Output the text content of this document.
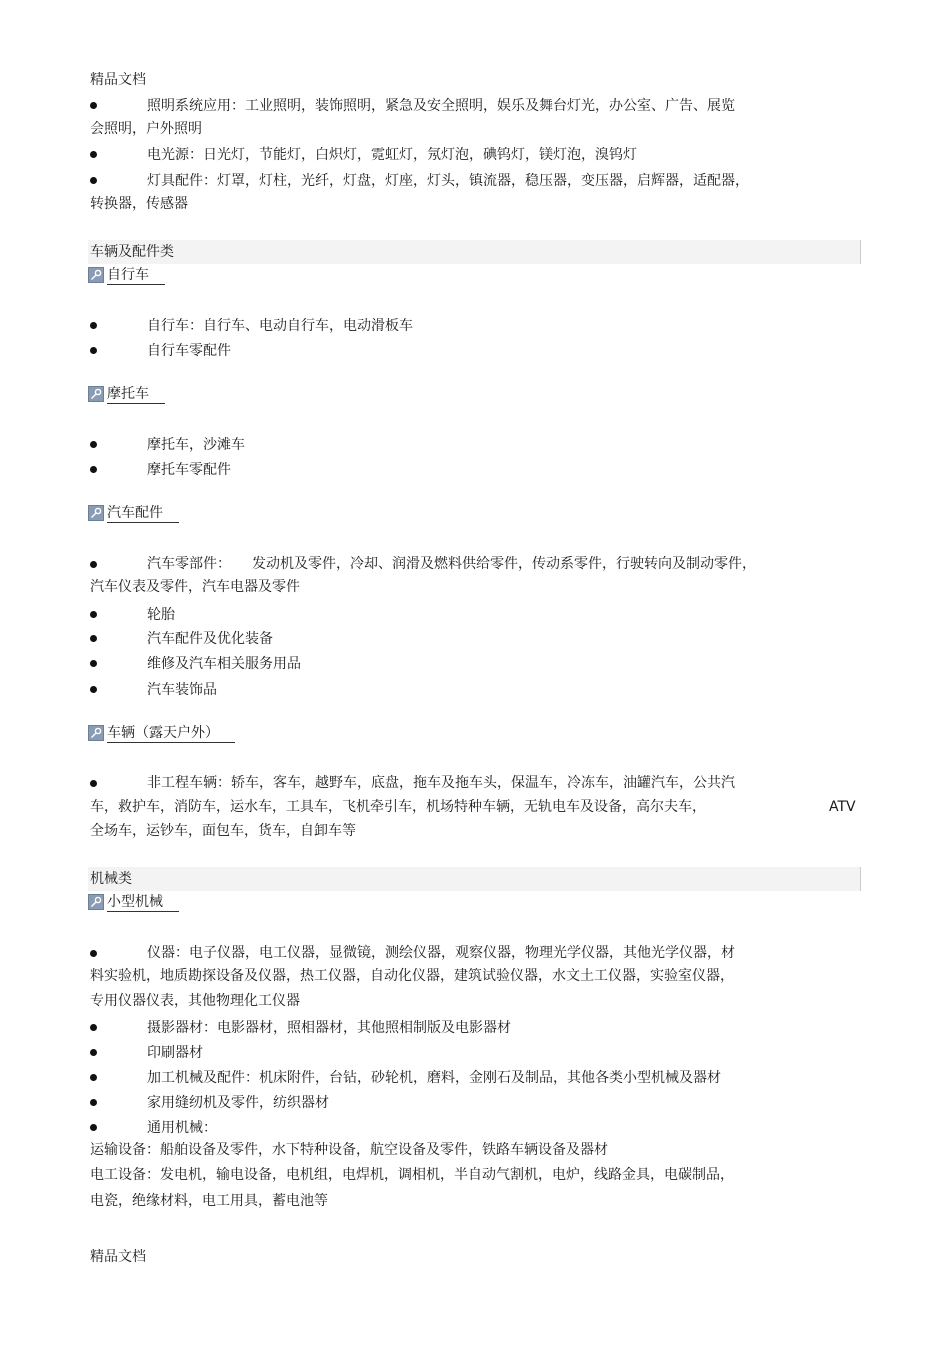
精品文档
照明系统应用：工业照明，装饰照明，紧急及安全照明，娱乐及舞台灯光，办公室、广告、展览
会照明，户外照明
电光源：日光灯，节能灯，白炽灯，霓虹灯，氖灯泡，碘钨灯，镁灯泡，溴钨灯
灯具配件：灯罩，灯柱，光纤，灯盘，灯座，灯头，镇流器，稳压器，变压器，启辉器，适配器，
转换器，传感器
车辆及配件类
自行车
自行车：自行车、电动自行车，电动滑板车
自行车零配件
摩托车
摩托车，沙滩车
摩托车零配件
汽车配件
汽车零部件：　　发动机及零件，冷却、润滑及燃料供给零件，传动系零件，行驶转向及制动零件，
汽车仪表及零件，汽车电器及零件
轮胎
汽车配件及优化装备
维修及汽车相关服务用品
汽车装饰品
车辆（露天户外）
非工程车辆：轿车，客车，越野车，底盘，拖车及拖车头，保温车，冷冻车，油罐汽车，公共汽
车，救护车，消防车，运水车，工具车，飞机牵引车，机场特种车辆，无轨电车及设备，高尔夫车，	ATV
全场车，运钞车，面包车，货车，自卸车等
机械类
小型机械
仪器：电子仪器，电工仪器，显微镜，测绘仪器，观察仪器，物理光学仪器，其他光学仪器，材
料实验机，地质勘探设备及仪器，热工仪器，自动化仪器，建筑试验仪器，水文土工仪器，实验室仪器，
专用仪器仪表，其他物理化工仪器
摄影器材：电影器材，照相器材，其他照相制版及电影器材
印刷器材
加工机械及配件：机床附件，台钻，砂轮机，磨料，金刚石及制品，其他各类小型机械及器材
家用缝纫机及零件，纺织器材
通用机械：
运输设备：船舶设备及零件，水下特种设备，航空设备及零件，铁路车辆设备及器材
电工设备：发电机，输电设备，电机组，电焊机，调相机，半自动气割机，电炉，线路金具，电碳制品，
电瓷，绝缘材料，电工用具，蓄电池等
精品文档
